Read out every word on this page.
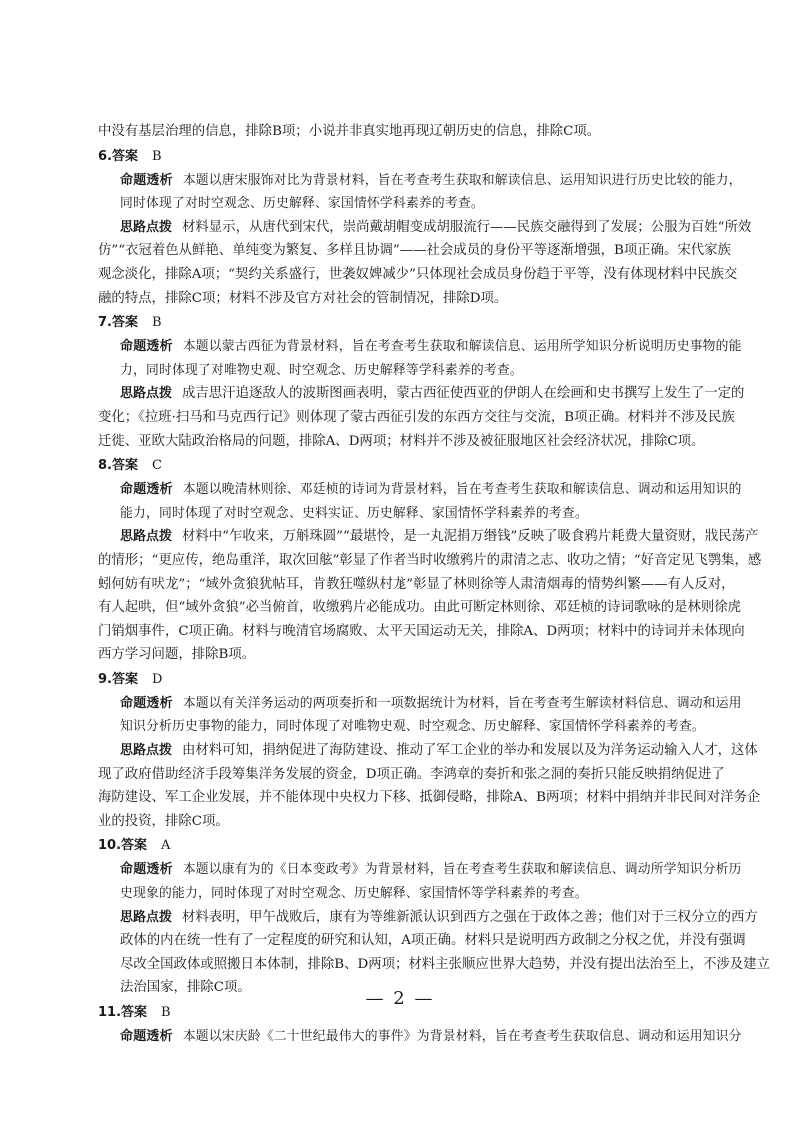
中没有基层治理的信息，排除B项；小说并非真实地再现辽朝历史的信息，排除C项。
6.答案 B
命题透析 本题以唐宋服饰对比为背景材料，旨在考查考生获取和解读信息、运用知识进行历史比较的能力，
同时体现了对时空观念、历史解释、家国情怀学科素养的考查。
思路点拨 材料显示，从唐代到宋代，崇尚戴胡帽变成胡服流行——民族交融得到了发展；公服为百姓“所效
仿”“衣冠着色从鲜艳、单纯变为繁复、多样且协调”——社会成员的身份平等逐渐增强，B项正确。宋代家族
观念淡化，排除A项；“契约关系盛行，世袭奴婢减少”只体现社会成员身份趋于平等，没有体现材料中民族交
融的特点，排除C项；材料不涉及官方对社会的管制情况，排除D项。
7.答案 B
命题透析 本题以蒙古西征为背景材料，旨在考查考生获取和解读信息、运用所学知识分析说明历史事物的能
力，同时体现了对唯物史观、时空观念、历史解释等学科素养的考查。
思路点拨 成吉思汗追逐敌人的波斯图画表明，蒙古西征使西亚的伊朗人在绘画和史书撰写上发生了一定的
变化；《拉班·扫马和马克西行记》则体现了蒙古西征引发的东西方交往与交流，B项正确。材料并不涉及民族
迁徙、亚欧大陆政治格局的问题，排除A、D两项；材料并不涉及被征服地区社会经济状况，排除C项。
8.答案 C
命题透析 本题以晚清林则徐、邓廷桢的诗词为背景材料，旨在考查考生获取和解读信息、调动和运用知识的
能力，同时体现了对时空观念、史料实证、历史解释、家国情怀学科素养的考查。
思路点拨 材料中“乍收来，万斛珠圆”“最堪怜，是一丸泥捐万缗钱”反映了吸食鸦片耗费大量资财，戕民荡产
的情形；“更应传，绝岛重洋，取次回舷”彰显了作者当时收缴鸦片的肃清之志、收功之情；“好音定见飞鹗集，感
蚓何妨有吠龙”；“域外贪狼犹帖耳，肯教狂噬纵村尨”彰显了林则徐等人肃清烟毒的情势纠繁——有人反对，
有人起哄，但“域外贪狼”必当俯首，收缴鸦片必能成功。由此可断定林则徐、邓廷桢的诗词歌咏的是林则徐虎
门销烟事件，C项正确。材料与晚清官场腐败、太平天国运动无关，排除A、D两项；材料中的诗词并未体现向
西方学习问题，排除B项。
9.答案 D
命题透析 本题以有关洋务运动的两项奏折和一项数据统计为材料，旨在考查考生解读材料信息、调动和运用
知识分析历史事物的能力，同时体现了对唯物史观、时空观念、历史解释、家国情怀学科素养的考查。
思路点拨 由材料可知，捐纳促进了海防建设、推动了军工企业的举办和发展以及为洋务运动输入人才，这体
现了政府借助经济手段筹集洋务发展的资金，D项正确。李鸿章的奏折和张之洞的奏折只能反映捐纳促进了
海防建设、军工企业发展，并不能体现中央权力下移、抵御侵略，排除A、B两项；材料中捐纳并非民间对洋务企
业的投资，排除C项。
10.答案 A
命题透析 本题以康有为的《日本变政考》为背景材料，旨在考查考生获取和解读信息、调动所学知识分析历
史现象的能力，同时体现了对时空观念、历史解释、家国情怀等学科素养的考查。
思路点拨 材料表明，甲午战败后，康有为等维新派认识到西方之强在于政体之善；他们对于三权分立的西方
政体的内在统一性有了一定程度的研究和认知，A项正确。材料只是说明西方政制之分权之优，并没有强调
尽改全国政体或照搬日本体制，排除B、D两项；材料主张顺应世界大趋势，并没有提出法治至上，不涉及建立
法治国家，排除C项。
11.答案 B
命题透析 本题以宋庆龄《二十世纪最伟大的事件》为背景材料，旨在考查考生获取信息、调动和运用知识分
— 2 —
